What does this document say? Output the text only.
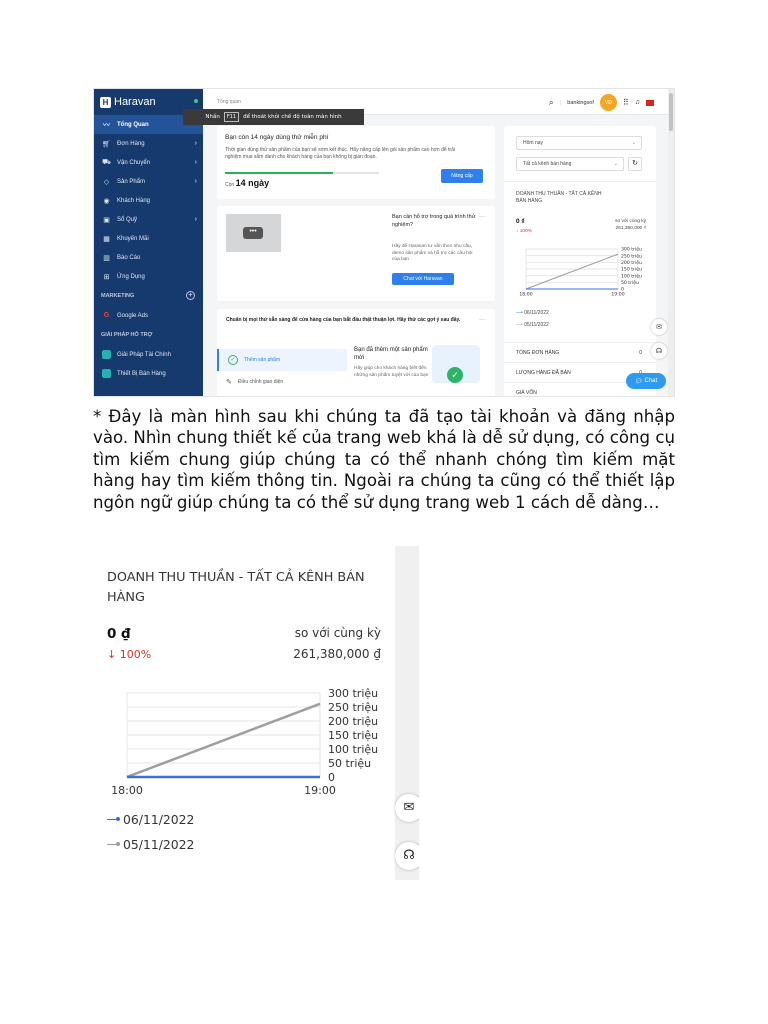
H Haravan
〰 Tổng Quan
🛒︎ Đơn Hàng	›
⛟ Vận Chuyển	›
◇	Sản Phẩm	›
◉ Khách Hàng
▣ Sổ Quỹ	›
▦ Khuyến Mãi
▥ Báo Cáo
⊞ Ứng Dụng
MARKETING	+
G Google Ads
GIẢI PHÁP HỖ TRỢ
Giải Pháp Tài Chính
Thiết Bị Bán Hàng
Tổng quan	⌕ | bankingsof	VĐ	⠿ ♫
Nhấn	F11	để thoát khỏi chế độ toàn màn hình
Bạn còn 14 ngày dùng thử miễn phí
Thời gian dùng thử sản phẩm của bạn sẽ sớm kết thúc. Hãy nâng cấp lên gói sản phẩm cao hơn để trải nghiệm mua sắm dành cho khách hàng của bạn không bị gián đoạn.
Còn 14 ngày
Nâng cấp
•••
Bạn cần hỗ trợ trong quá trình thử nghiệm?
Hãy để Haravan tư vấn theo nhu cầu, demo sản phẩm và hỗ trợ các câu hỏi của bạn
Chat với Haravan
···
Chuẩn bị mọi thứ sẵn sàng để cửa hàng của bạn bắt đầu thật thuận lợi. Hãy thử các gợi ý sau đây.	···
✓	Thêm sản phẩm
✎ Điều chỉnh giao diện
Bạn đã thêm một sản phẩm mới
Hãy giúp cho khách hàng biết đến những sản phẩm tuyệt vời của bạn	✓
Hôm nay	⌄
Tất cả kênh bán hàng	⌄	↻
DOANH THU THUẦN - TẤT CẢ KÊNH BÁN HÀNG
0 ₫
↓ 100%
so với cùng kỳ
261,380,000 ₫
300 triệu
250 triệu
200 triệu
150 triệu
100 triệu
50 triệu
0
18:00	19:00
—• 06/11/2022
—• 05/11/2022
TỔNG ĐƠN HÀNG	0
LƯỢNG HÀNG ĐÃ BÁN
GIÁ VỐN
✉
☊
💬︎ Chat
* Đây là màn hình sau khi chúng ta đã tạo tài khoản và đăng nhập vào. Nhìn chung thiết kế của trang web khá là dễ sử dụng, có công cụ tìm kiếm chung giúp chúng ta có thể nhanh chóng tìm kiếm mặt hàng hay tìm kiếm thông tin. Ngoài ra chúng ta cũng có thể thiết lập ngôn ngữ giúp chúng ta có thể sử dụng trang web 1 cách dễ dàng…
DOANH THU THUẦN - TẤT CẢ KÊNH BÁN HÀNG
0 ₫
↓ 100%
so với cùng kỳ
261,380,000 ₫
300 triệu
250 triệu
200 triệu
150 triệu
100 triệu
50 triệu
0
18:00	19:00
06/11/2022
05/11/2022
✉
☊
